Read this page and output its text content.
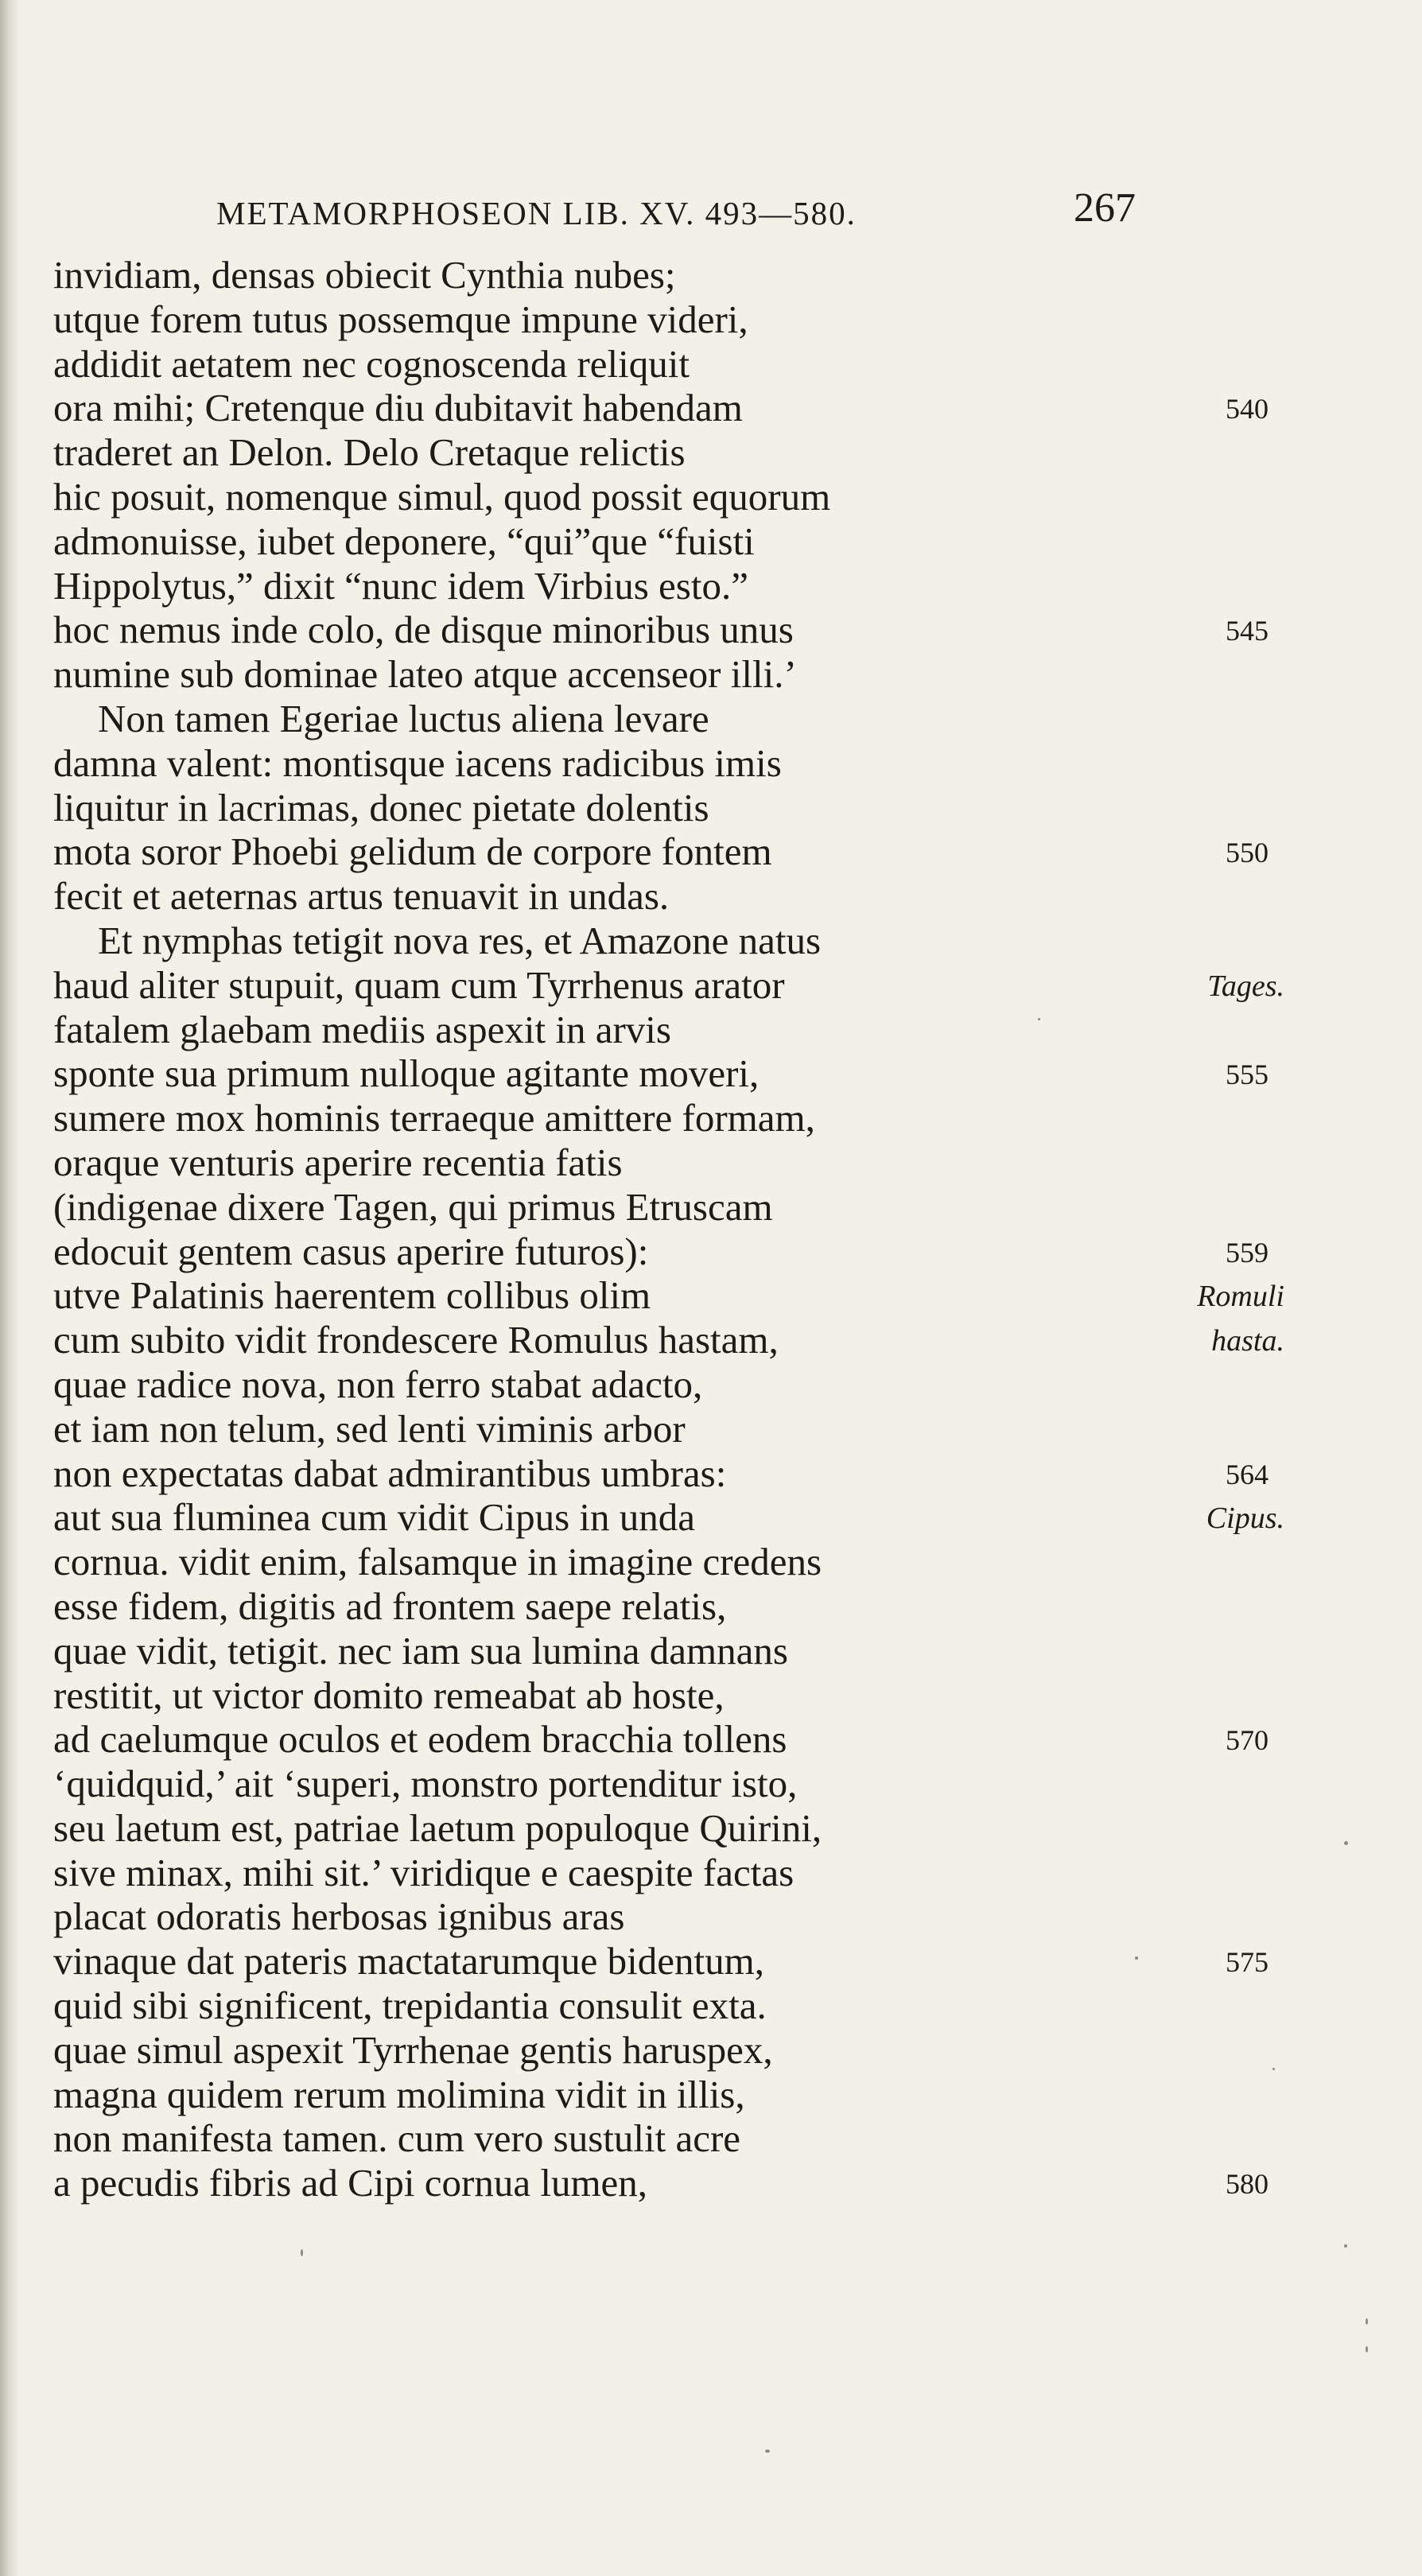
METAMORPHOSEON LIB. XV. 493—580.	267
invidiam, densas obiecit Cynthia nubes;
utque forem tutus possemque impune videri,
addidit aetatem nec cognoscenda reliquit
ora mihi; Cretenque diu dubitavit habendam	540
traderet an Delon. Delo Cretaque relictis
hic posuit, nomenque simul, quod possit equorum
admonuisse, iubet deponere, “qui”que “fuisti
Hippolytus,” dixit “nunc idem Virbius esto.”
hoc nemus inde colo, de disque minoribus unus	545
numine sub dominae lateo atque accenseor illi.’
Non tamen Egeriae luctus aliena levare
damna valent: montisque iacens radicibus imis
liquitur in lacrimas, donec pietate dolentis
mota soror Phoebi gelidum de corpore fontem	550
fecit et aeternas artus tenuavit in undas.
Et nymphas tetigit nova res, et Amazone natus
haud aliter stupuit, quam cum Tyrrhenus arator	Tages.
fatalem glaebam mediis aspexit in arvis
sponte sua primum nulloque agitante moveri,	555
sumere mox hominis terraeque amittere formam,
oraque venturis aperire recentia fatis
(indigenae dixere Tagen, qui primus Etruscam
edocuit gentem casus aperire futuros):	559
utve Palatinis haerentem collibus olim	Romuli
cum subito vidit frondescere Romulus hastam,	hasta.
quae radice nova, non ferro stabat adacto,
et iam non telum, sed lenti viminis arbor
non expectatas dabat admirantibus umbras:	564
aut sua fluminea cum vidit Cipus in unda	Cipus.
cornua. vidit enim, falsamque in imagine credens
esse fidem, digitis ad frontem saepe relatis,
quae vidit, tetigit. nec iam sua lumina damnans
restitit, ut victor domito remeabat ab hoste,
ad caelumque oculos et eodem bracchia tollens	570
‘quidquid,’ ait ‘superi, monstro portenditur isto,
seu laetum est, patriae laetum populoque Quirini,
sive minax, mihi sit.’ viridique e caespite factas
placat odoratis herbosas ignibus aras
vinaque dat pateris mactatarumque bidentum,	575
quid sibi significent, trepidantia consulit exta.
quae simul aspexit Tyrrhenae gentis haruspex,
magna quidem rerum molimina vidit in illis,
non manifesta tamen. cum vero sustulit acre
a pecudis fibris ad Cipi cornua lumen,	580
